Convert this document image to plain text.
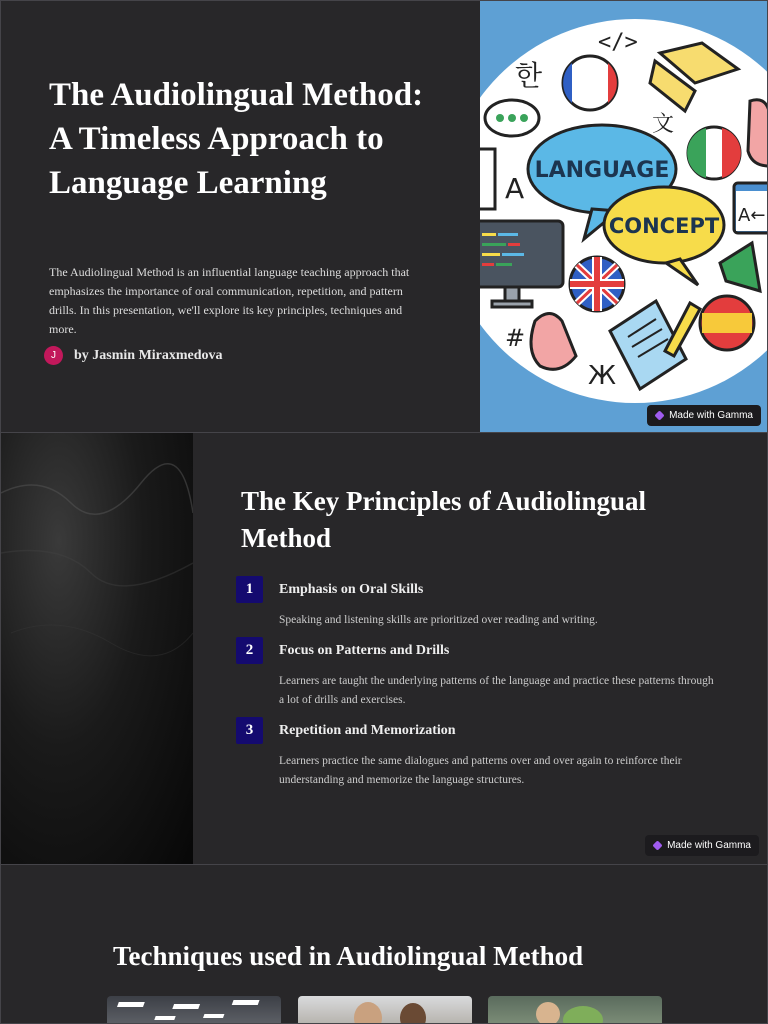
The Audiolingual Method: A Timeless Approach to Language Learning

The Audiolingual Method is an influential language teaching approach that emphasizes the importance of oral communication, repetition, and pattern drills. In this presentation, we'll explore its key principles, techniques and more.

J	by Jasmin Miraxmedova
</>
한
文
LANGUAGE
CONCEPT
A
A←
#
Ж
Made with Gamma
The Key Principles of Audiolingual Method
1	Emphasis on Oral Skills

Speaking and listening skills are prioritized over reading and writing.

2	Focus on Patterns and Drills

Learners are taught the underlying patterns of the language and practice these patterns through a lot of drills and exercises.

3	Repetition and Memorization

Learners practice the same dialogues and patterns over and over again to reinforce their understanding and memorize the language structures.

Made with Gamma
Techniques used in Audiolingual Method
